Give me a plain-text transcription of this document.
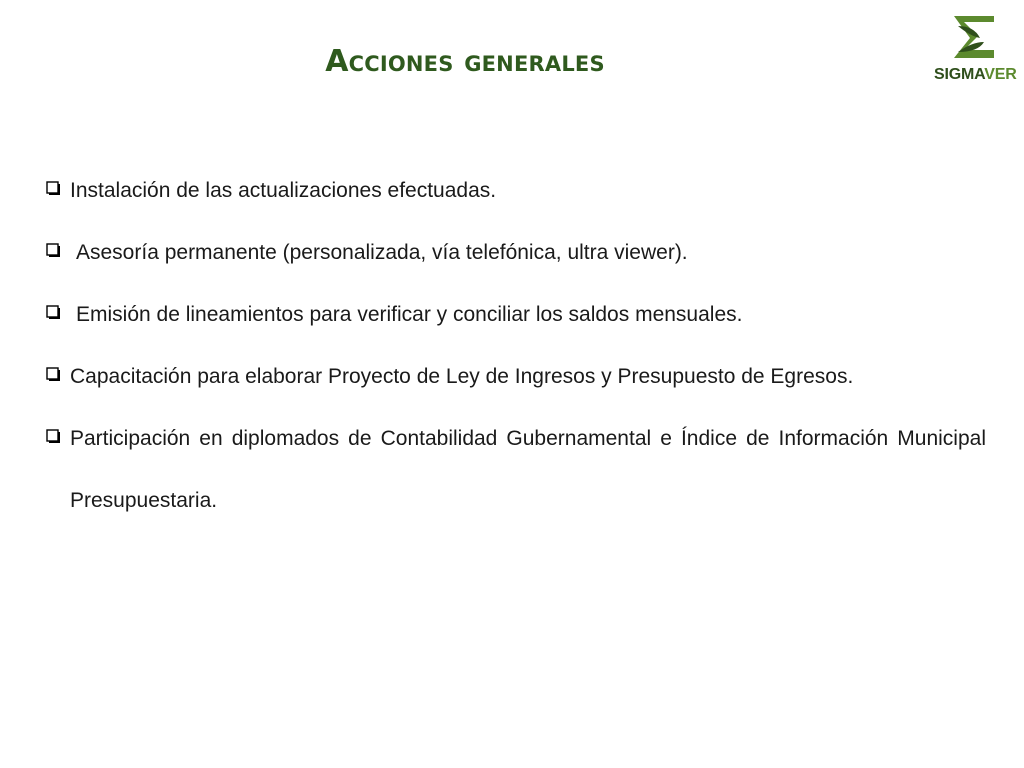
Acciones generales	SIGMAVER
Instalación de las actualizaciones efectuadas.
Asesoría permanente (personalizada, vía telefónica, ultra viewer).
Emisión de lineamientos para verificar y conciliar los saldos mensuales.
Capacitación para elaborar Proyecto de Ley de Ingresos y Presupuesto de Egresos.
Participación en diplomados de Contabilidad Gubernamental e Índice de Información Municipal Presupuestaria.
